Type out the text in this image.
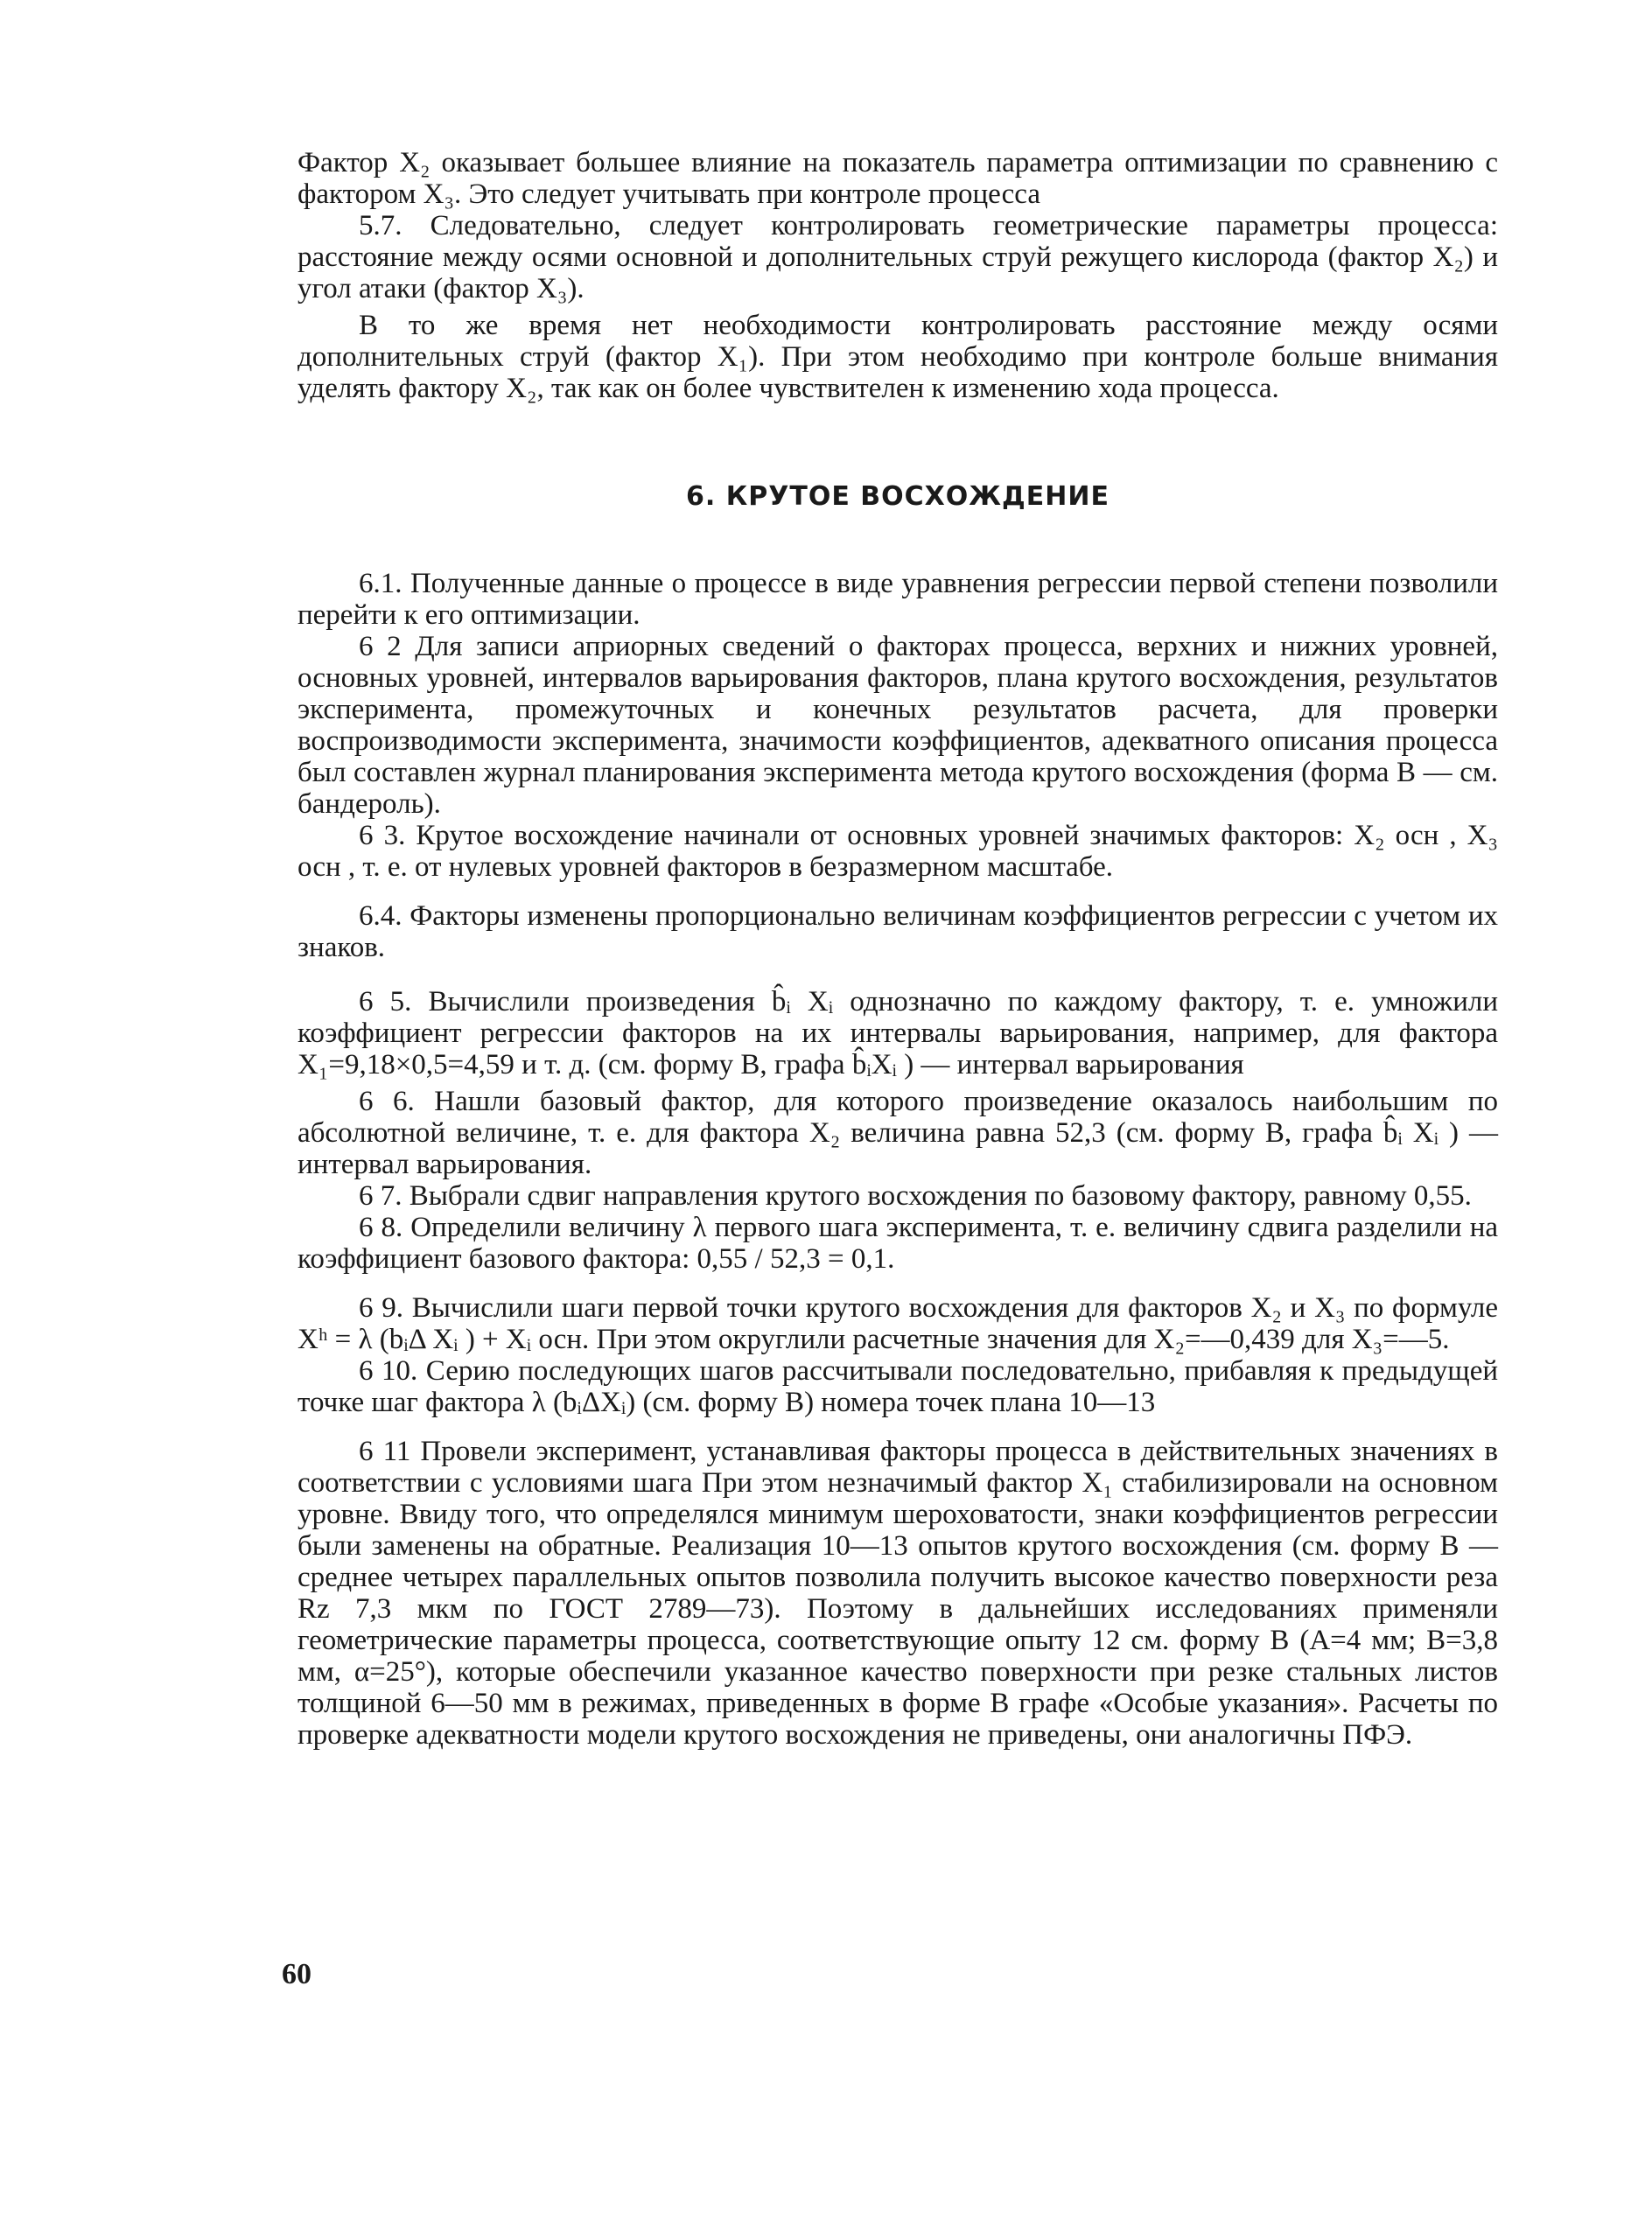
Фактор X₂ оказывает большее влияние на показатель параметра оптимизации по сравнению с фактором X₃. Это следует учитывать при контроле процесса

5.7. Следовательно, следует контролировать геометрические параметры процесса: расстояние между осями основной и дополнительных струй режущего кислорода (фактор X₂) и угол атаки (фактор X₃).

В то же время нет необходимости контролировать расстояние между осями дополнительных струй (фактор X₁). При этом необходимо при контроле больше внимания уделять фактору X₂, так как он более чувствителен к изменению хода процесса.

6. КРУТОЕ ВОСХОЖДЕНИЕ

6.1. Полученные данные о процессе в виде уравнения регрессии первой степени позволили перейти к его оптимизации.

6 2 Для записи априорных сведений о факторах процесса, верхних и нижних уровней, основных уровней, интервалов варьирования факторов, плана крутого восхождения, результатов эксперимента, промежуточных и конечных результатов расчета, для проверки воспроизводимости эксперимента, значимости коэффициентов, адекватного описания процесса был составлен журнал планирования эксперимента метода крутого восхождения (форма В — см. бандероль).

6 3. Крутое восхождение начинали от основных уровней значимых факторов: X₂ осн , X₃ осн , т. е. от нулевых уровней факторов в безразмерном масштабе.

6.4. Факторы изменены пропорционально величинам коэффициентов регрессии с учетом их знаков.

6 5. Вычислили произведения b̂ᵢ Xᵢ однозначно по каждому фактору, т. е. умножили коэффициент регрессии факторов на их интервалы варьирования, например, для фактора X₁=9,18×0,5=4,59 и т. д. (см. форму B, графа b̂ᵢXᵢ ) — интервал варьирования

6 6. Нашли базовый фактор, для которого произведение оказалось наибольшим по абсолютной величине, т. е. для фактора X₂ величина равна 52,3 (см. форму B, графа b̂ᵢ Xᵢ ) — интервал варьирования.

6 7. Выбрали сдвиг направления крутого восхождения по базовому фактору, равному 0,55.

6 8. Определили величину λ первого шага эксперимента, т. е. величину сдвига разделили на коэффициент базового фактора: 0,55 / 52,3 = 0,1.

6 9. Вычислили шаги первой точки крутого восхождения для факторов X₂ и X₃ по формуле Xʰ = λ (bᵢΔ Xᵢ ) + Xᵢ осн. При этом округлили расчетные значения для X₂=—0,439 для X₃=—5.

6 10. Серию последующих шагов рассчитывали последовательно, прибавляя к предыдущей точке шаг фактора λ (bᵢΔXᵢ) (см. форму В) номера точек плана 10—13

6 11 Провели эксперимент, устанавливая факторы процесса в действительных значениях в соответствии с условиями шага При этом незначимый фактор X₁ стабилизировали на основном уровне. Ввиду того, что определялся минимум шероховатости, знаки коэффициентов регрессии были заменены на обратные. Реализация 10—13 опытов крутого восхождения (см. форму В — среднее четырех параллельных опытов позволила получить высокое качество поверхности реза Rz 7,3 мкм по ГОСТ 2789—73). Поэтому в дальнейших исследованиях применяли геометрические параметры процесса, соответствующие опыту 12 см. форму В (A=4 мм; B=3,8 мм, α=25°), которые обеспечили указанное качество поверхности при резке стальных листов толщиной 6—50 мм в режимах, приведенных в форме В графе «Особые указания». Расчеты по проверке адекватности модели крутого восхождения не приведены, они аналогичны ПФЭ.

60
